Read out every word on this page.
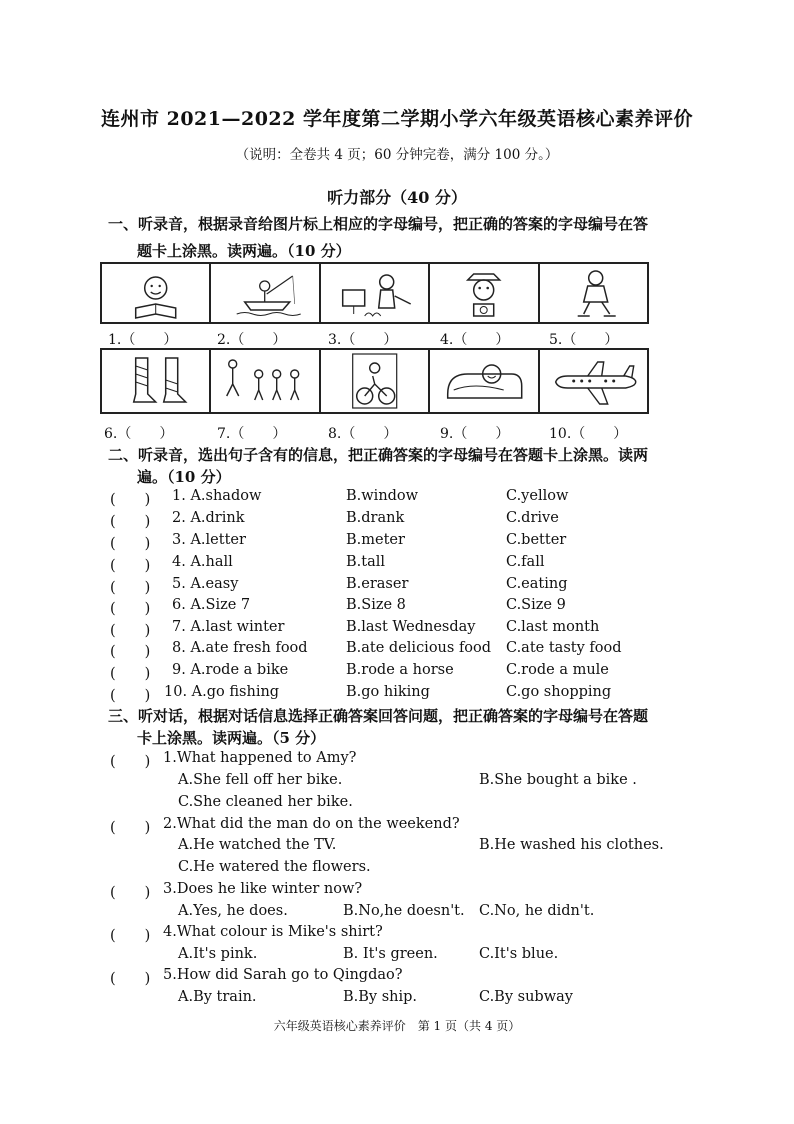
连州市 2021—2022 学年度第二学期小学六年级英语核心素养评价
（说明：全卷共 4 页；60 分钟完卷，满分 100 分。）
听力部分（40 分）
一、听录音，根据录音给图片标上相应的字母编号，把正确的答案的字母编号在答
题卡上涂黑。读两遍。（10 分）
1.（　　）	2.（　　）	3.（　　）	4.（　　）	5.（　　）
6.（　　）	7.（　　）	8.（　　）	9.（　　）	10.（　　）
二、听录音，选出句子含有的信息，把正确答案的字母编号在答题卡上涂黑。读两
遍。（10 分）
(　　) 1. A.shadow	B.window	C.yellow
(　　) 2. A.drink	B.drank	C.drive
(　　) 3. A.letter	B.meter	C.better
(　　) 4. A.hall	B.tall	C.fall
(　　) 5. A.easy	B.eraser	C.eating
(　　) 6. A.Size 7	B.Size 8	C.Size 9
(　　) 7. A.last winter	B.last Wednesday C.last month
(　　) 8. A.ate fresh food	B.ate delicious food C.ate tasty food
(　　) 9. A.rode a bike	B.rode a horse	C.rode a mule
(　　) 10. A.go fishing	B.go hiking	C.go shopping
三、听对话，根据对话信息选择正确答案回答问题，把正确答案的字母编号在答题
卡上涂黑。读两遍。（5 分）
(　　) 1.What happened to Amy?
A.She fell off her bike.	B.She bought a bike .
C.She cleaned her bike.
(　　) 2.What did the man do on the weekend?
A.He watched the TV.	B.He washed his clothes.
C.He watered the flowers.
(　　) 3.Does he like winter now?
A.Yes, he does.	B.No,he doesn't. C.No, he didn't.
(　　) 4.What colour is Mike's shirt?
A.It's pink.	B. It's green.	C.It's blue.
(　　) 5.How did Sarah go to Qingdao?
A.By train.	B.By ship.	C.By subway
六年级英语核心素养评价　第 1 页（共 4 页）
